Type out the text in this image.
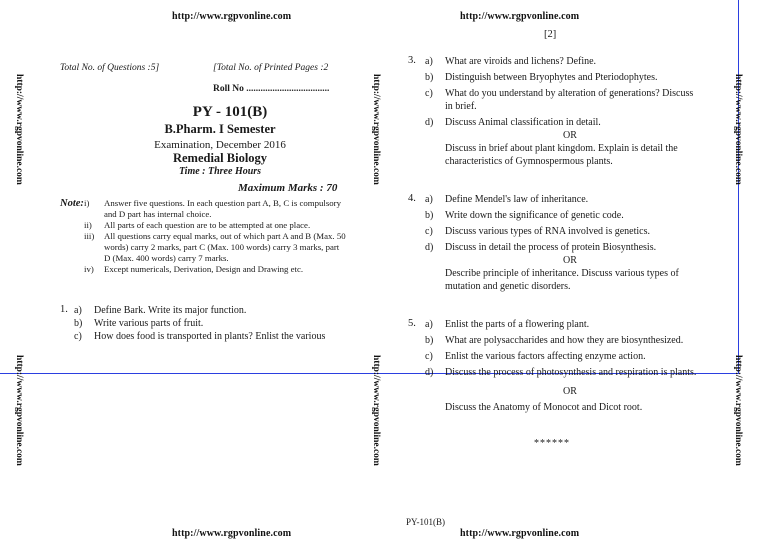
http://www.rgpvonline.com	http://www.rgpvonline.com
http://www.rgpvonline.com	http://www.rgpvonline.com
http://www.rgpvonline.com
http://www.rgpvonline.com
http://www.rgpvonline.com
http://www.rgpvonline.com
http://www.rgpvonline.com
http://www.rgpvonline.com
Total No. of Questions :5]	[Total No. of Printed Pages :2
Roll No ...................................
PY - 101(B)
B.Pharm. I Semester
Examination, December 2016
Remedial Biology
Time : Three Hours
Maximum Marks : 70
Note: i)	Answer five questions. In each question part A, B, C is compulsory and D part has internal choice.
ii)	All parts of each question are to be attempted at one place.
iii)	All questions carry equal marks, out of which part A and B (Max. 50 words) carry 2 marks, part C (Max. 100 words) carry 3 marks, part D (Max. 400 words) carry 7 marks.
iv)	Except numericals, Derivation, Design and Drawing etc.
1. a) Define Bark. Write its major function.
b) Write various parts of fruit.
c) How does food is transported in plants? Enlist the various
[2]
3. a)	What are viroids and lichens? Define.
b)	Distinguish between Bryophytes and Pteriodophytes.
c)	What do you understand by alteration of generations? Discuss in brief.
d)	Discuss Animal classification in detail.
OR
Discuss in brief about plant kingdom. Explain is detail the characteristics of Gymnospermous plants.
4. a)	Define Mendel's law of inheritance.
b)	Write down the significance of genetic code.
c)	Discuss various types of RNA involved is genetics.
d)	Discuss in detail the process of protein Biosynthesis.
OR
Describe principle of inheritance. Discuss various types of mutation and genetic disorders.
5. a)	Enlist the parts of a flowering plant.
b)	What are polysaccharides and how they are biosynthesized.
c)	Enlist the various factors affecting enzyme action.
d)	Discuss the process of photosynthesis and respiration is plants.
OR
Discuss the Anatomy of Monocot and Dicot root.
******
PY-101(B)
